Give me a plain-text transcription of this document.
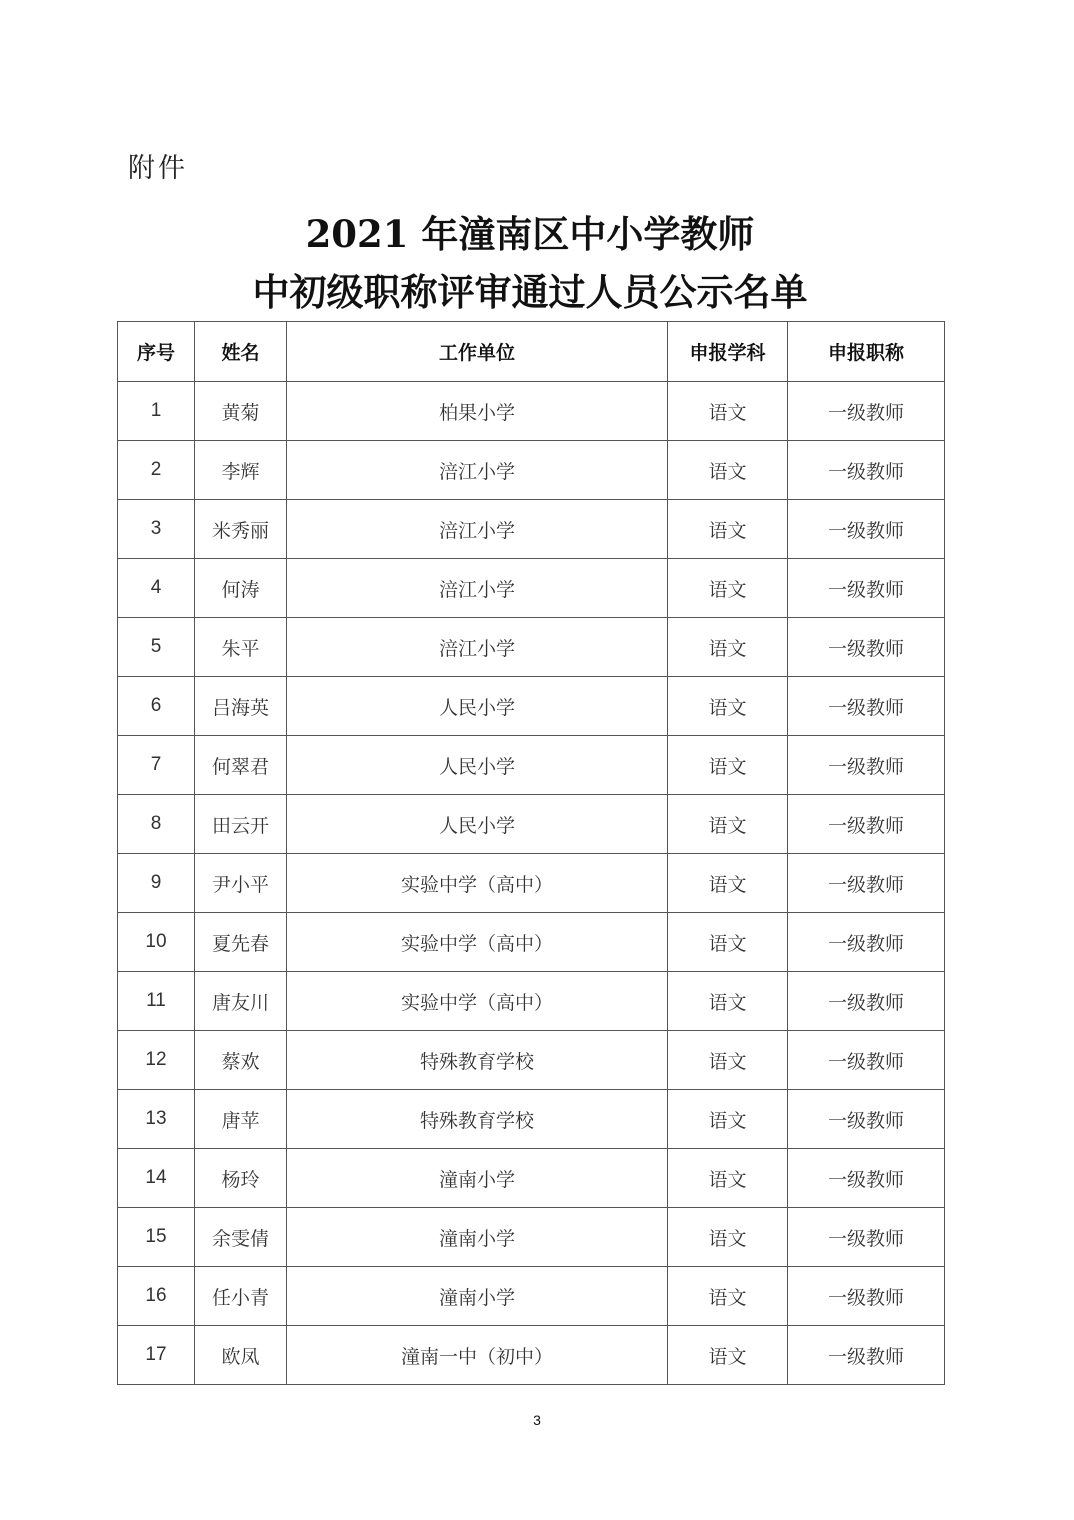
附件
2021 年潼南区中小学教师
中初级职称评审通过人员公示名单
序号	姓名	工作单位	申报学科	申报职称
1	黄菊	柏果小学	语文	一级教师
2	李辉	涪江小学	语文	一级教师
3	米秀丽	涪江小学	语文	一级教师
4	何涛	涪江小学	语文	一级教师
5	朱平	涪江小学	语文	一级教师
6	吕海英	人民小学	语文	一级教师
7	何翠君	人民小学	语文	一级教师
8	田云开	人民小学	语文	一级教师
9	尹小平	实验中学（高中）	语文	一级教师
10	夏先春	实验中学（高中）	语文	一级教师
11	唐友川	实验中学（高中）	语文	一级教师
12	蔡欢	特殊教育学校	语文	一级教师
13	唐苹	特殊教育学校	语文	一级教师
14	杨玲	潼南小学	语文	一级教师
15	余雯倩	潼南小学	语文	一级教师
16	任小青	潼南小学	语文	一级教师
17	欧凤	潼南一中（初中）	语文	一级教师
3
